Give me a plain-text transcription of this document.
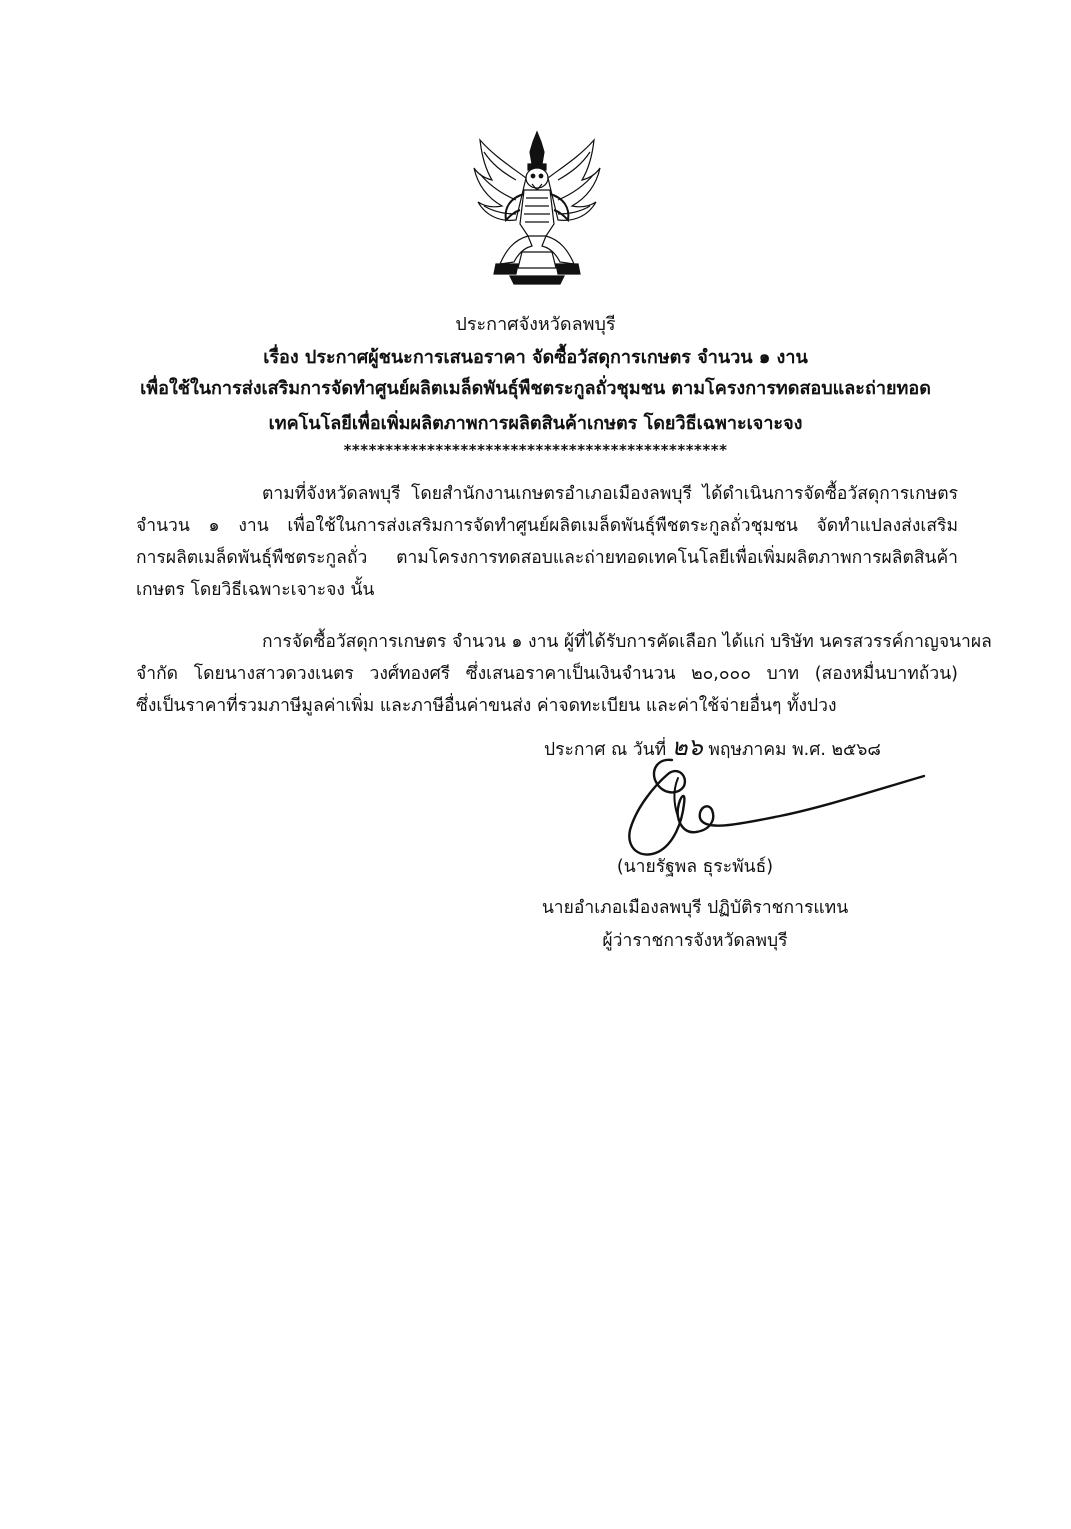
ประกาศจังหวัดลพบุรี
เรื่อง ประกาศผู้ชนะการเสนอราคา จัดซื้อวัสดุการเกษตร จำนวน ๑ งาน
เพื่อใช้ในการส่งเสริมการจัดทำศูนย์ผลิตเมล็ดพันธุ์พืชตระกูลถั่วชุมชน ตามโครงการทดสอบและถ่ายทอด
เทคโนโลยีเพื่อเพิ่มผลิตภาพการผลิตสินค้าเกษตร โดยวิธีเฉพาะเจาะจง
**********************************************
ตามที่จังหวัดลพบุรี โดยสำนักงานเกษตรอำเภอเมืองลพบุรี ได้ดำเนินการจัดซื้อวัสดุการเกษตร
จำนวน ๑ งาน เพื่อใช้ในการส่งเสริมการจัดทำศูนย์ผลิตเมล็ดพันธุ์พืชตระกูลถั่วชุมชน จัดทำแปลงส่งเสริม
การผลิตเมล็ดพันธุ์พืชตระกูลถั่ว ตามโครงการทดสอบและถ่ายทอดเทคโนโลยีเพื่อเพิ่มผลิตภาพการผลิตสินค้า
เกษตร โดยวิธีเฉพาะเจาะจง นั้น
การจัดซื้อวัสดุการเกษตร จำนวน ๑ งาน ผู้ที่ได้รับการคัดเลือก ได้แก่ บริษัท นครสวรรค์กาญจนาผล
จำกัด โดยนางสาวดวงเนตร วงศ์ทองศรี ซึ่งเสนอราคาเป็นเงินจำนวน ๒๐,๐๐๐ บาท (สองหมื่นบาทถ้วน)
ซึ่งเป็นราคาที่รวมภาษีมูลค่าเพิ่ม และภาษีอื่นค่าขนส่ง ค่าจดทะเบียน และค่าใช้จ่ายอื่นๆ ทั้งปวง
ประกาศ ณ วันที่ ๒๖ พฤษภาคม พ.ศ. ๒๕๖๘
(นายรัฐพล ธุระพันธ์)
นายอำเภอเมืองลพบุรี ปฏิบัติราชการแทน
ผู้ว่าราชการจังหวัดลพบุรี
